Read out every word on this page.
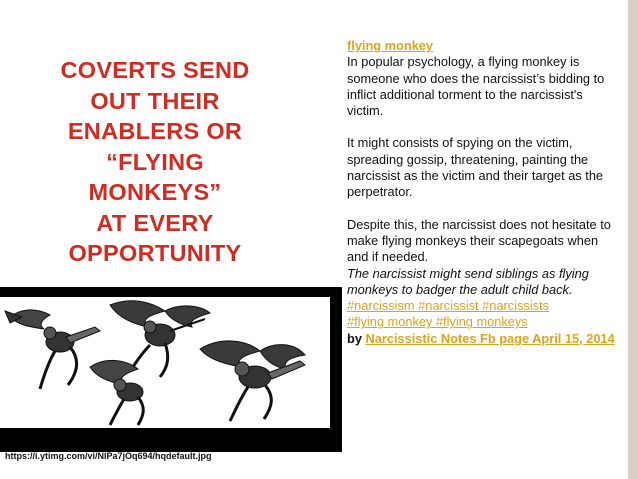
COVERTS SEND
OUT THEIR
ENABLERS OR
“FLYING
MONKEYS”
AT EVERY
OPPORTUNITY
https://i.ytimg.com/vi/NlPa7jOq694/hqdefault.jpg

flying monkey

In popular psychology, a flying monkey is someone who does the narcissist’s bidding to inflict additional torment to the narcissist's victim.

It might consists of spying on the victim, spreading gossip, threatening, painting the narcissist as the victim and their target as the perpetrator.

Despite this, the narcissist does not hesitate to make flying monkeys their scapegoats when and if needed.

The narcissist might send siblings as flying monkeys to badger the adult child back.

#narcissism #narcissist #narcissists

#flying monkey #flying monkeys

by Narcissistic Notes Fb page April 15, 2014
